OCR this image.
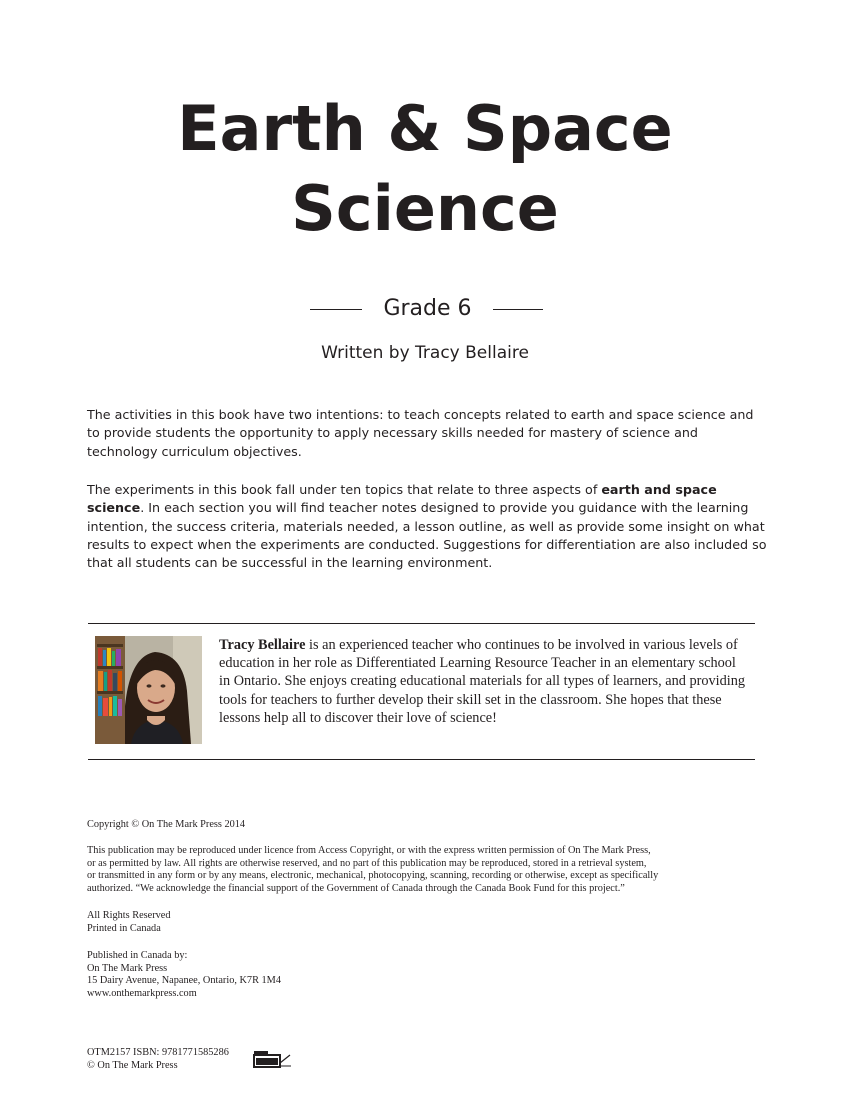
Earth & Space
Science
Grade 6
Written by Tracy Bellaire

The activities in this book have two intentions: to teach concepts related to earth and space science and to provide students the opportunity to apply necessary skills needed for mastery of science and technology curriculum objectives.

The experiments in this book fall under ten topics that relate to three aspects of earth and space science. In each section you will find teacher notes designed to provide you guidance with the learning intention, the success criteria, materials needed, a lesson outline, as well as provide some insight on what results to expect when the experiments are conducted. Suggestions for differentiation are also included so that all students can be successful in the learning environment.

Tracy Bellaire is an experienced teacher who continues to be involved in various levels of education in her role as Differentiated Learning Resource Teacher in an elementary school in Ontario. She enjoys creating educational materials for all types of learners, and providing tools for teachers to further develop their skill set in the classroom. She hopes that these lessons help all to discover their love of science!

Copyright © On The Mark Press 2014

This publication may be reproduced under licence from Access Copyright, or with the express written permission of On The Mark Press,
or as permitted by law. All rights are otherwise reserved, and no part of this publication may be reproduced, stored in a retrieval system,
or transmitted in any form or by any means, electronic, mechanical, photocopying, scanning, recording or otherwise, except as specifically
authorized. “We acknowledge the financial support of the Government of Canada through the Canada Book Fund for this project.”

All Rights Reserved
Printed in Canada

Published in Canada by:
On The Mark Press
15 Dairy Avenue, Napanee, Ontario, K7R 1M4
www.onthemarkpress.com

OTM2157 ISBN: 9781771585286
© On The Mark Press
